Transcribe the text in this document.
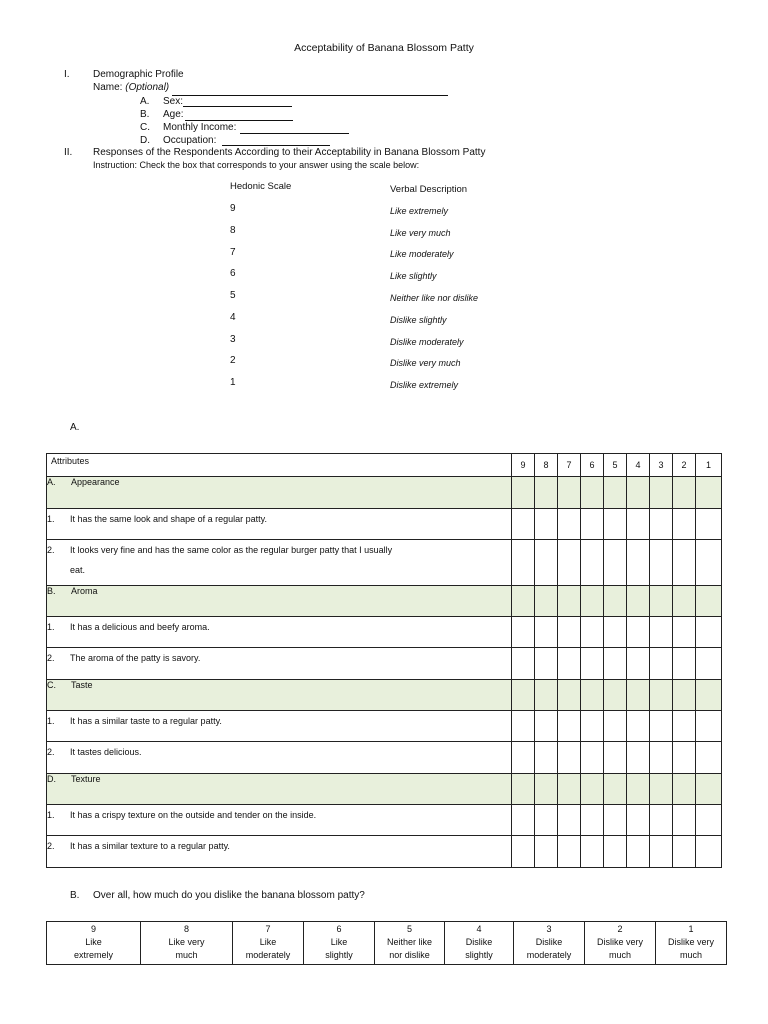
Acceptability of Banana Blossom Patty
I. Demographic Profile
Name: (Optional)
A. Sex:
B. Age:
C. Monthly Income:
D. Occupation:
II. Responses of the Respondents According to their Acceptability in Banana Blossom Patty
Instruction: Check the box that corresponds to your answer using the scale below:
Hedonic Scale	Verbal Description
9	Like extremely
8	Like very much
7	Like moderately
6	Like slightly
5	Neither like nor dislike
4	Dislike slightly
3	Dislike moderately
2	Dislike very much
1	Dislike extremely
A.
Attributes	9	8	7	6	5	4	3	2	1
A. Appearance									
1. It has the same look and shape of a regular patty.									
2. It looks very fine and has the same color as the regular burger patty that I usually
eat.									
B. Aroma									
1. It has a delicious and beefy aroma.									
2. The aroma of the patty is savory.									
C. Taste									
1. It has a similar taste to a regular patty.									
2. It tastes delicious.									
D. Texture									
1. It has a crispy texture on the outside and tender on the inside.									
2. It has a similar texture to a regular patty.									
B. Over all, how much do you dislike the banana blossom patty?
9
Like
extremely	8
Like very
much	7
Like
moderately	6
Like
slightly	5
Neither like
nor dislike	4
Dislike
slightly	3
Dislike
moderately	2
Dislike very
much	1
Dislike very
much
